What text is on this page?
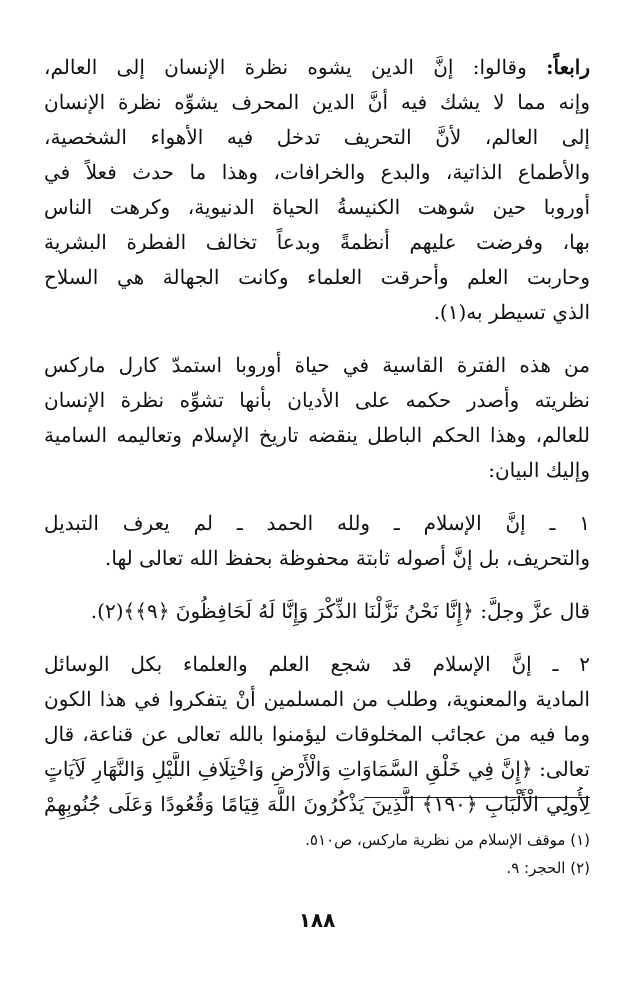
رابعاً: وقالوا: إنَّ الدين يشوه نظرة الإنسان إلى العالم،

وإنه مما لا يشك فيه أنَّ الدين المحرف يشوِّه نظرة الإنسان

إلى العالم، لأنَّ التحريف تدخل فيه الأهواء الشخصية،

والأطماع الذاتية، والبدع والخرافات، وهذا ما حدث فعلاً في

أوروبا حين شوهت الكنيسةُ الحياة الدنيوية، وكرهت الناس

بها، وفرضت عليهم أنظمةً وبدعاً تخالف الفطرة البشرية

وحاربت العلم وأحرقت العلماء وكانت الجهالة هي السلاح

الذي تسيطر به(١).

من هذه الفترة القاسية في حياة أوروبا استمدّ كارل ماركس

نظريته وأصدر حكمه على الأديان بأنها تشوِّه نظرة الإنسان

للعالم، وهذا الحكم الباطل ينقضه تاريخ الإسلام وتعاليمه السامية

وإليك البيان:

١ ـ إنَّ الإسلام ـ ولله الحمد ـ لم يعرف التبديل

والتحريف، بل إنَّ أصوله ثابتة محفوظة بحفظ الله تعالى لها.

قال عزَّ وجلَّ: ﴿إِنَّا نَحْنُ نَزَّلْنَا الذِّكْرَ وَإِنَّا لَهُ لَحَافِظُونَ ﴿٩﴾﴾(٢).

٢ ـ إنَّ الإسلام قد شجع العلم والعلماء بكل الوسائل

المادية والمعنوية، وطلب من المسلمين أنْ يتفكروا في هذا الكون

وما فيه من عجائب المخلوقات ليؤمنوا بالله تعالى عن قناعة، قال

تعالى: ﴿إِنَّ فِي خَلْقِ السَّمَاوَاتِ وَالْأَرْضِ وَاخْتِلَافِ اللَّيْلِ وَالنَّهَارِ لَآيَاتٍ

لِأُولِي الْأَلْبَابِ ﴿١٩٠﴾ الَّذِينَ يَذْكُرُونَ اللَّهَ قِيَامًا وَقُعُودًا وَعَلَى جُنُوبِهِمْ

(١) موقف الإسلام من نظرية ماركس، ص٥١٠.

(٢) الحجر: ٩.

١٨٨
